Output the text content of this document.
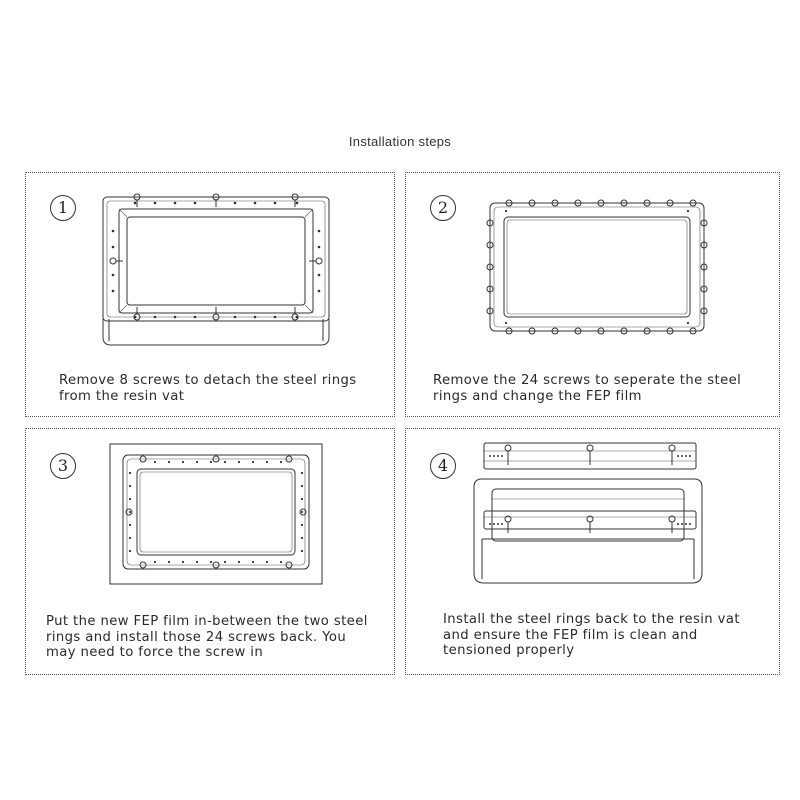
Installation steps
1
Remove 8 screws to detach the steel rings
from the resin vat
2
Remove the 24 screws to seperate the steel
rings and change the FEP film
3
Put the new FEP film in-between the two steel
rings and install those 24 screws back. You
may need to force the screw in
4
Install the steel rings back to the resin vat
and ensure the FEP film is clean and
tensioned properly
